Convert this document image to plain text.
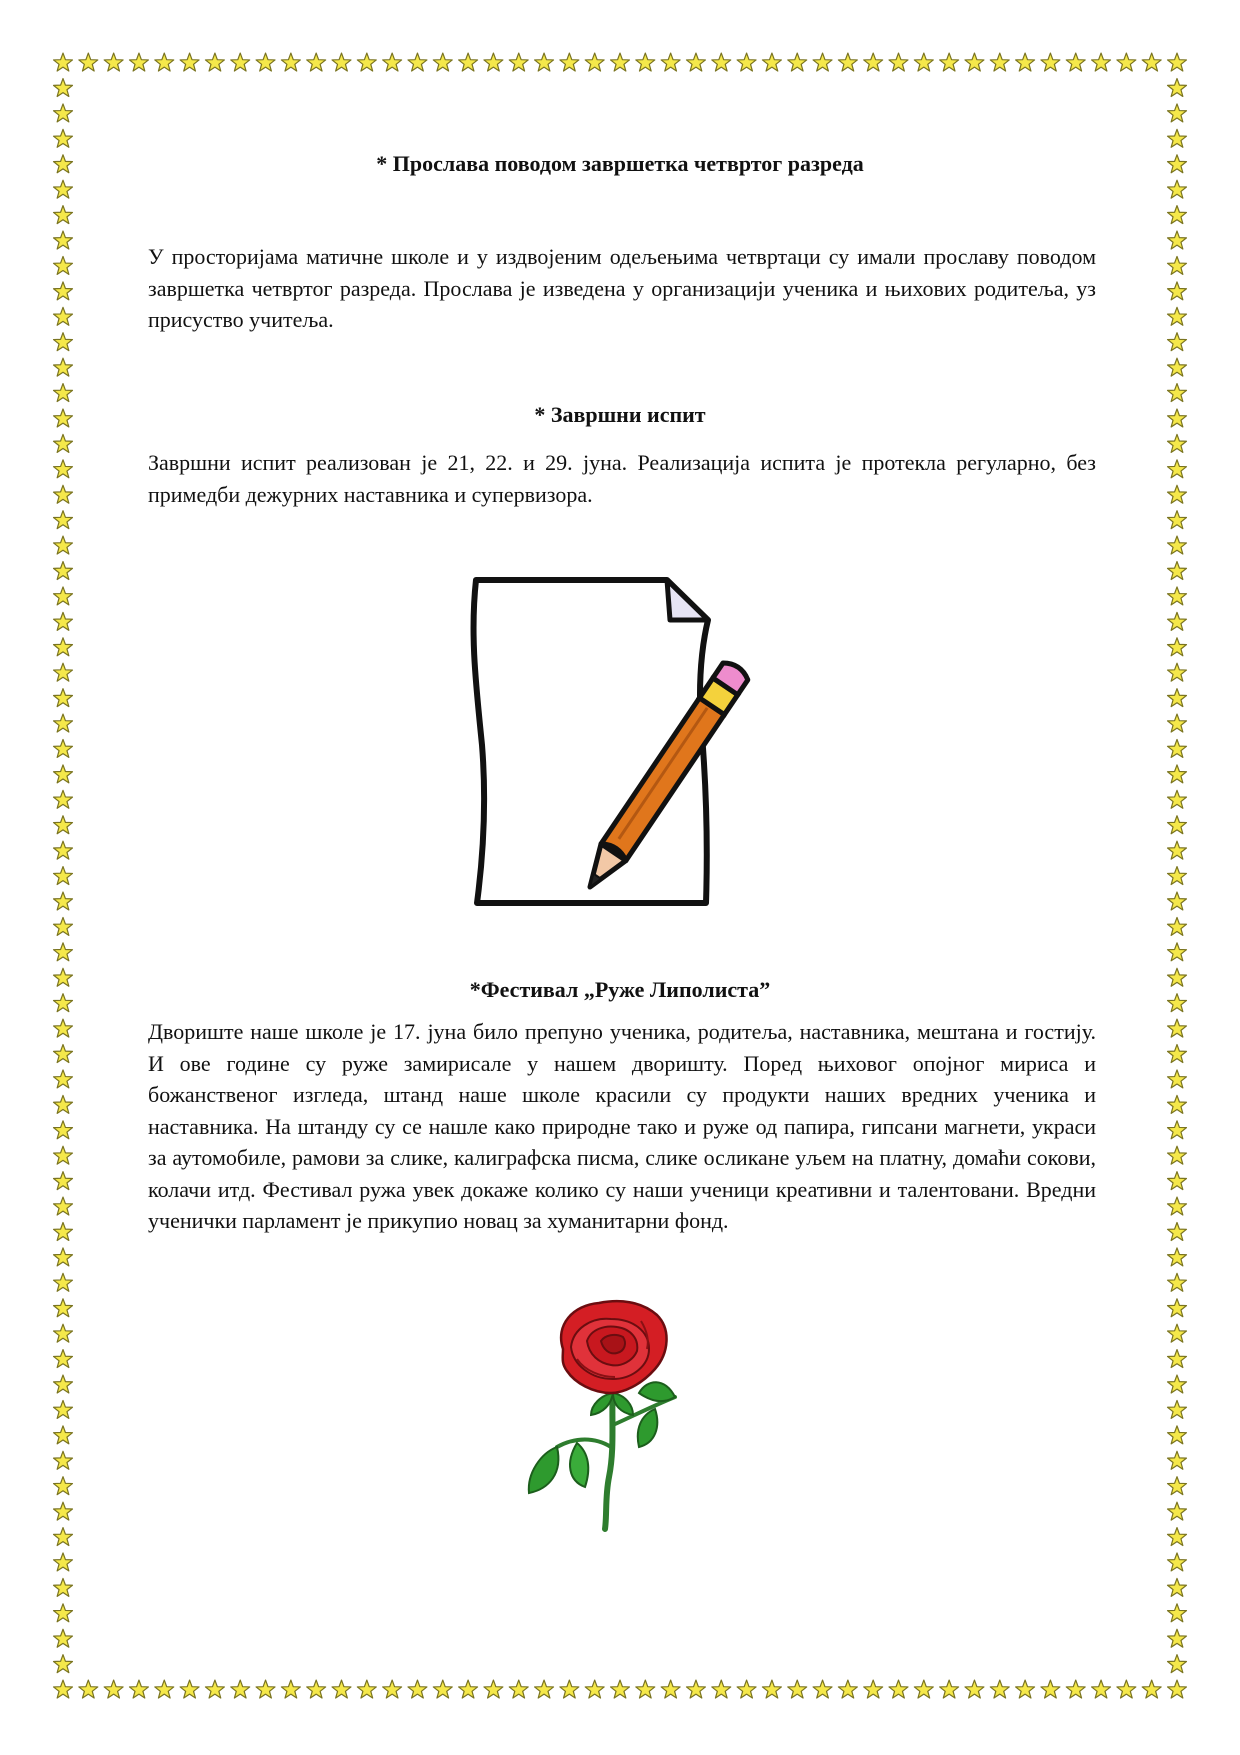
* Прослава поводом завршетка четвртог разреда

У просторијама матичне школе и у издвојеним одељењима четвртаци су имали прославу поводом завршетка четвртог разреда. Прослава је изведена у организацији ученика и њихових родитеља, уз присуство учитеља.

* Завршни испит

Завршни испит реализован је 21, 22. и 29. јуна. Реализација испита је протекла регуларно, без примедби дежурних наставника и супервизора.

*Фестивал „Руже Липолиста”

Двориште наше школе је 17. јуна било препуно ученика, родитеља, наставника, мештана и гостију. И ове године су руже замирисале у нашем дворишту. Поред њиховог опојног мириса и божанственог изгледа, штанд наше школе красили су продукти наших вредних ученика и наставника. На штанду су се нашле како природне тако и руже од папира, гипсани магнети, украси за аутомобиле, рамови за слике, калиграфска писма, слике осликане уљем на платну, домаћи сокови, колачи итд. Фестивал ружа увек докаже колико су наши ученици креативни и талентовани. Вредни ученички парламент је прикупио новац за хуманитарни фонд.
